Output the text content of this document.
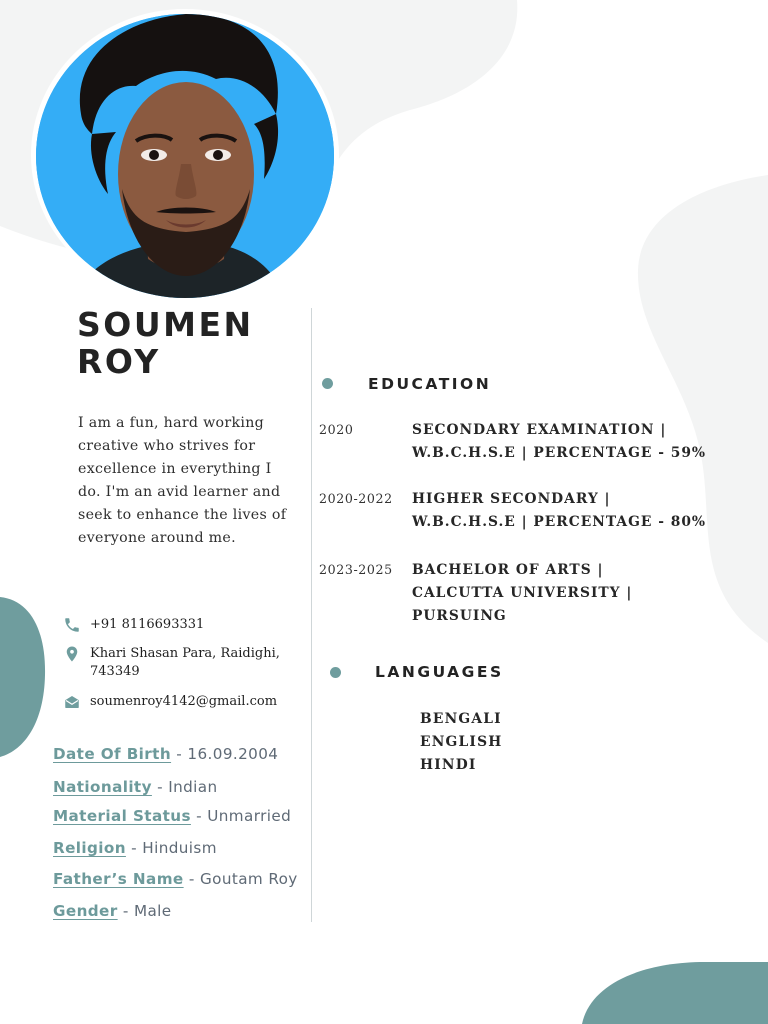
SOUMEN
ROY
I am a fun, hard working creative who strives for excellence in everything I do. I'm an avid learner and seek to enhance the lives of everyone around me.
+91 8116693331
Khari Shasan Para, Raidighi, 743349
soumenroy4142@gmail.com
Date Of Birth - 16.09.2004
Nationality - Indian
Material Status - Unmarried
Religion - Hinduism
Father’s Name - Goutam Roy
Gender - Male
EDUCATION
2020	SECONDARY EXAMINATION | W.B.C.H.S.E | PERCENTAGE - 59%
2020-2022 HIGHER SECONDARY | W.B.C.H.S.E | PERCENTAGE - 80%
2023-2025 BACHELOR OF ARTS | CALCUTTA UNIVERSITY | PURSUING
LANGUAGES
BENGALI
ENGLISH
HINDI
